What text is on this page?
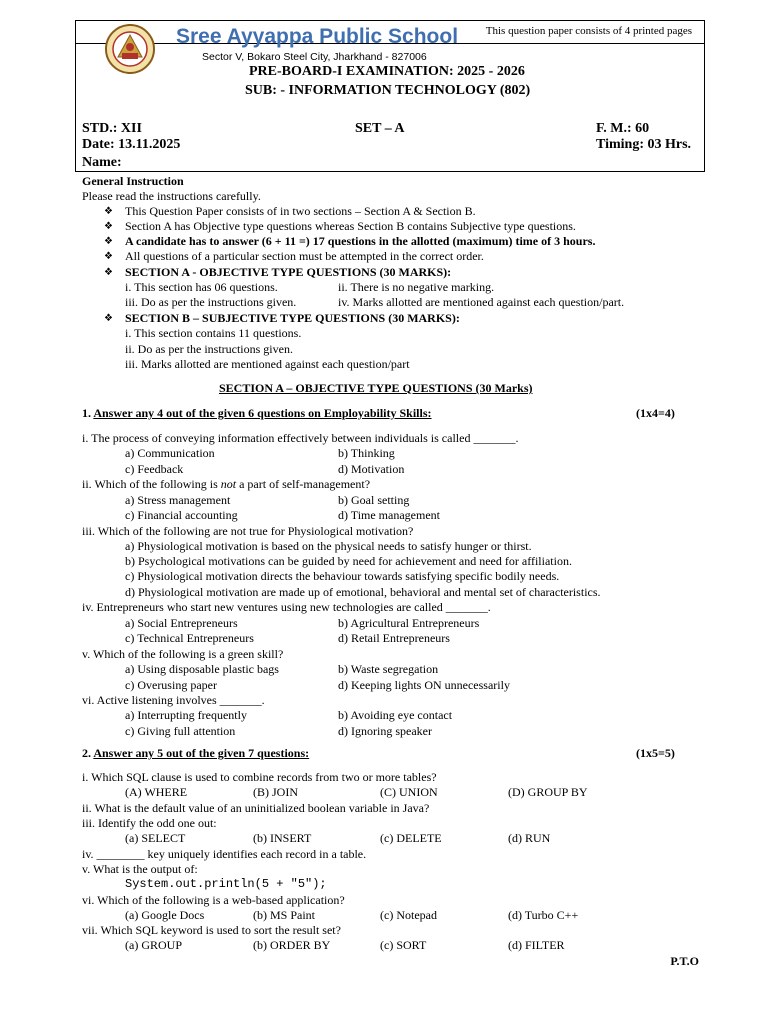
This question paper consists of 4 printed pages
Sree Ayyappa Public School
Sector V, Bokaro Steel City, Jharkhand - 827006
PRE-BOARD-I EXAMINATION: 2025 - 2026
SUB: - INFORMATION TECHNOLOGY (802)
STD.: XII	SET – A	F. M.: 60
Date: 13.11.2025	Timing: 03 Hrs.
Name:
General Instruction
Please read the instructions carefully.
❖ This Question Paper consists of in two sections – Section A & Section B.
❖ Section A has Objective type questions whereas Section B contains Subjective type questions.
❖ A candidate has to answer (6 + 11 =) 17 questions in the allotted (maximum) time of 3 hours.
❖ All questions of a particular section must be attempted in the correct order.
❖ SECTION A - OBJECTIVE TYPE QUESTIONS (30 MARKS):
i. This section has 06 questions.	ii. There is no negative marking.
iii. Do as per the instructions given.	iv. Marks allotted are mentioned against each question/part.
❖ SECTION B – SUBJECTIVE TYPE QUESTIONS (30 MARKS):
i. This section contains 11 questions.
ii. Do as per the instructions given.
iii. Marks allotted are mentioned against each question/part
SECTION A – OBJECTIVE TYPE QUESTIONS (30 Marks)
1. Answer any 4 out of the given 6 questions on Employability Skills:	(1x4=4)
i. The process of conveying information effectively between individuals is called _______.
a) Communication	b) Thinking
c) Feedback	d) Motivation
ii. Which of the following is not a part of self-management?
a) Stress management	b) Goal setting
c) Financial accounting	d) Time management
iii. Which of the following are not true for Physiological motivation?
a) Physiological motivation is based on the physical needs to satisfy hunger or thirst.
b) Psychological motivations can be guided by need for achievement and need for affiliation.
c) Physiological motivation directs the behaviour towards satisfying specific bodily needs.
d) Physiological motivation are made up of emotional, behavioral and mental set of characteristics.
iv. Entrepreneurs who start new ventures using new technologies are called _______.
a) Social Entrepreneurs	b) Agricultural Entrepreneurs
c) Technical Entrepreneurs	d) Retail Entrepreneurs
v. Which of the following is a green skill?
a) Using disposable plastic bags	b) Waste segregation
c) Overusing paper	d) Keeping lights ON unnecessarily
vi. Active listening involves _______.
a) Interrupting frequently	b) Avoiding eye contact
c) Giving full attention	d) Ignoring speaker
2. Answer any 5 out of the given 7 questions:	(1x5=5)
i. Which SQL clause is used to combine records from two or more tables?
(A) WHERE	(B) JOIN	(C) UNION	(D) GROUP BY
ii. What is the default value of an uninitialized boolean variable in Java?
iii. Identify the odd one out:
(a) SELECT	(b) INSERT	(c) DELETE	(d) RUN
iv. ________ key uniquely identifies each record in a table.
v. What is the output of:
System.out.println(5 + "5");
vi. Which of the following is a web-based application?
(a) Google Docs	(b) MS Paint	(c) Notepad	(d) Turbo C++
vii. Which SQL keyword is used to sort the result set?
(a) GROUP	(b) ORDER BY	(c) SORT	(d) FILTER
P.T.O
